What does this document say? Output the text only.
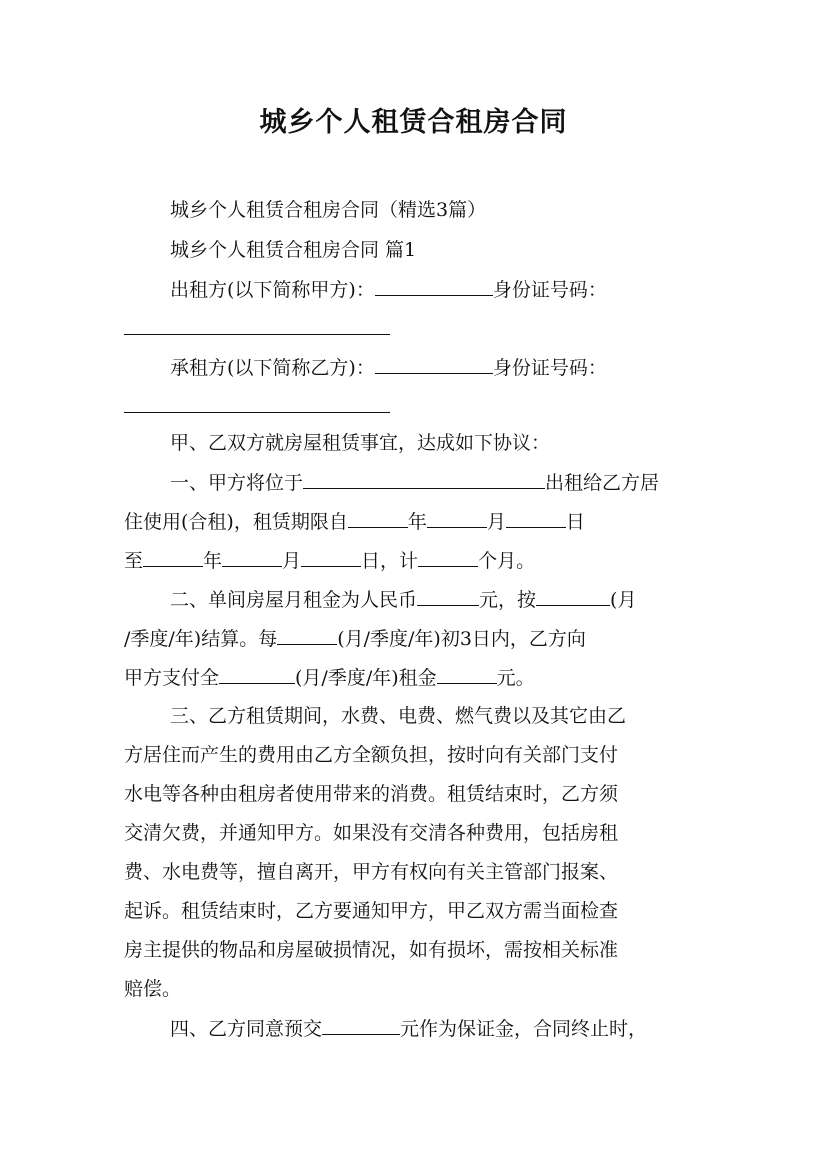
城乡个人租赁合租房合同
城乡个人租赁合租房合同（精选3篇）
城乡个人租赁合租房合同 篇1
出租方(以下简称甲方)：	身份证号码：
承租方(以下简称乙方)：	身份证号码：
甲、乙双方就房屋租赁事宜，达成如下协议：
一、甲方将位于	出租给乙方居
住使用(合租)，租赁期限自	年	月	日
至	年	月	日，计	个月。
二、单间房屋月租金为人民币	元，按	(月
/季度/年)结算。每	(月/季度/年)初3日内，乙方向
甲方支付全	(月/季度/年)租金	元。
三、乙方租赁期间，水费、电费、燃气费以及其它由乙
方居住而产生的费用由乙方全额负担，按时向有关部门支付
水电等各种由租房者使用带来的消费。租赁结束时，乙方须
交清欠费，并通知甲方。如果没有交清各种费用，包括房租
费、水电费等，擅自离开，甲方有权向有关主管部门报案、
起诉。租赁结束时，乙方要通知甲方，甲乙双方需当面检查
房主提供的物品和房屋破损情况，如有损坏，需按相关标准
赔偿。
四、乙方同意预交	元作为保证金，合同终止时，
